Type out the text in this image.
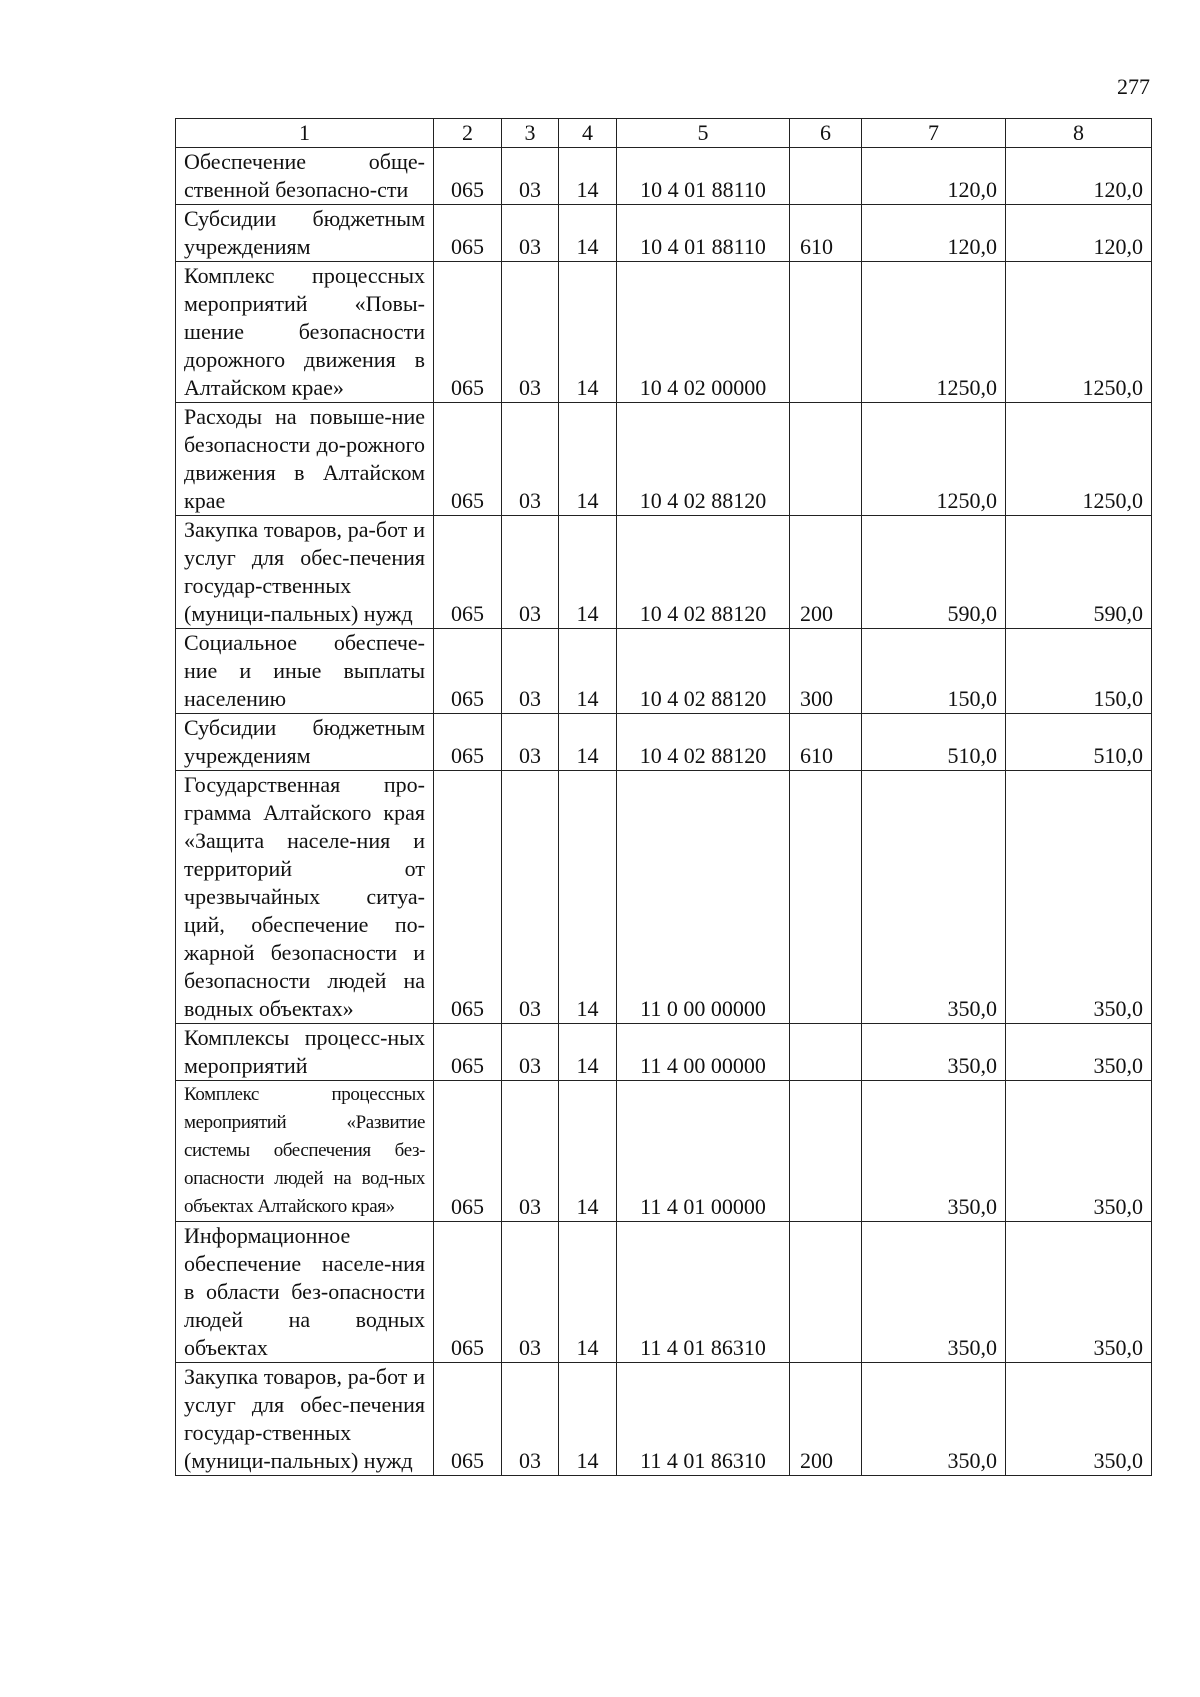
277
1	2	3	4	5	6	7	8
Обеспечение обще-ственной безопасно-сти	065	03	14	10 4 01 88110		120,0	120,0
Субсидии бюджетным учреждениям	065	03	14	10 4 01 88110	610	120,0	120,0
Комплекс процессных мероприятий «Повы-шение безопасности дорожного движения в Алтайском крае»	065	03	14	10 4 02 00000		1250,0	1250,0
Расходы на повыше-ние безопасности до-рожного движения в Алтайском крае	065	03	14	10 4 02 88120		1250,0	1250,0
Закупка товаров, ра-бот и услуг для обес-печения государ-ственных (муници-пальных) нужд	065	03	14	10 4 02 88120	200	590,0	590,0
Социальное обеспече-ние и иные выплаты населению	065	03	14	10 4 02 88120	300	150,0	150,0
Субсидии бюджетным учреждениям	065	03	14	10 4 02 88120	610	510,0	510,0
Государственная про-грамма Алтайского края «Защита населе-ния и территорий от чрезвычайных ситуа-ций, обеспечение по-жарной безопасности и безопасности людей на водных объектах»	065	03	14	11 0 00 00000		350,0	350,0
Комплексы процесс-ных мероприятий	065	03	14	11 4 00 00000		350,0	350,0
Комплекс процессных мероприятий «Развитие системы обеспечения без-опасности людей на вод-ных объектах Алтайского края»	065	03	14	11 4 01 00000		350,0	350,0
Информационное обеспечение населе-ния в области без-опасности людей на водных объектах	065	03	14	11 4 01 86310		350,0	350,0
Закупка товаров, ра-бот и услуг для обес-печения государ-ственных (муници-пальных) нужд	065	03	14	11 4 01 86310	200	350,0	350,0
